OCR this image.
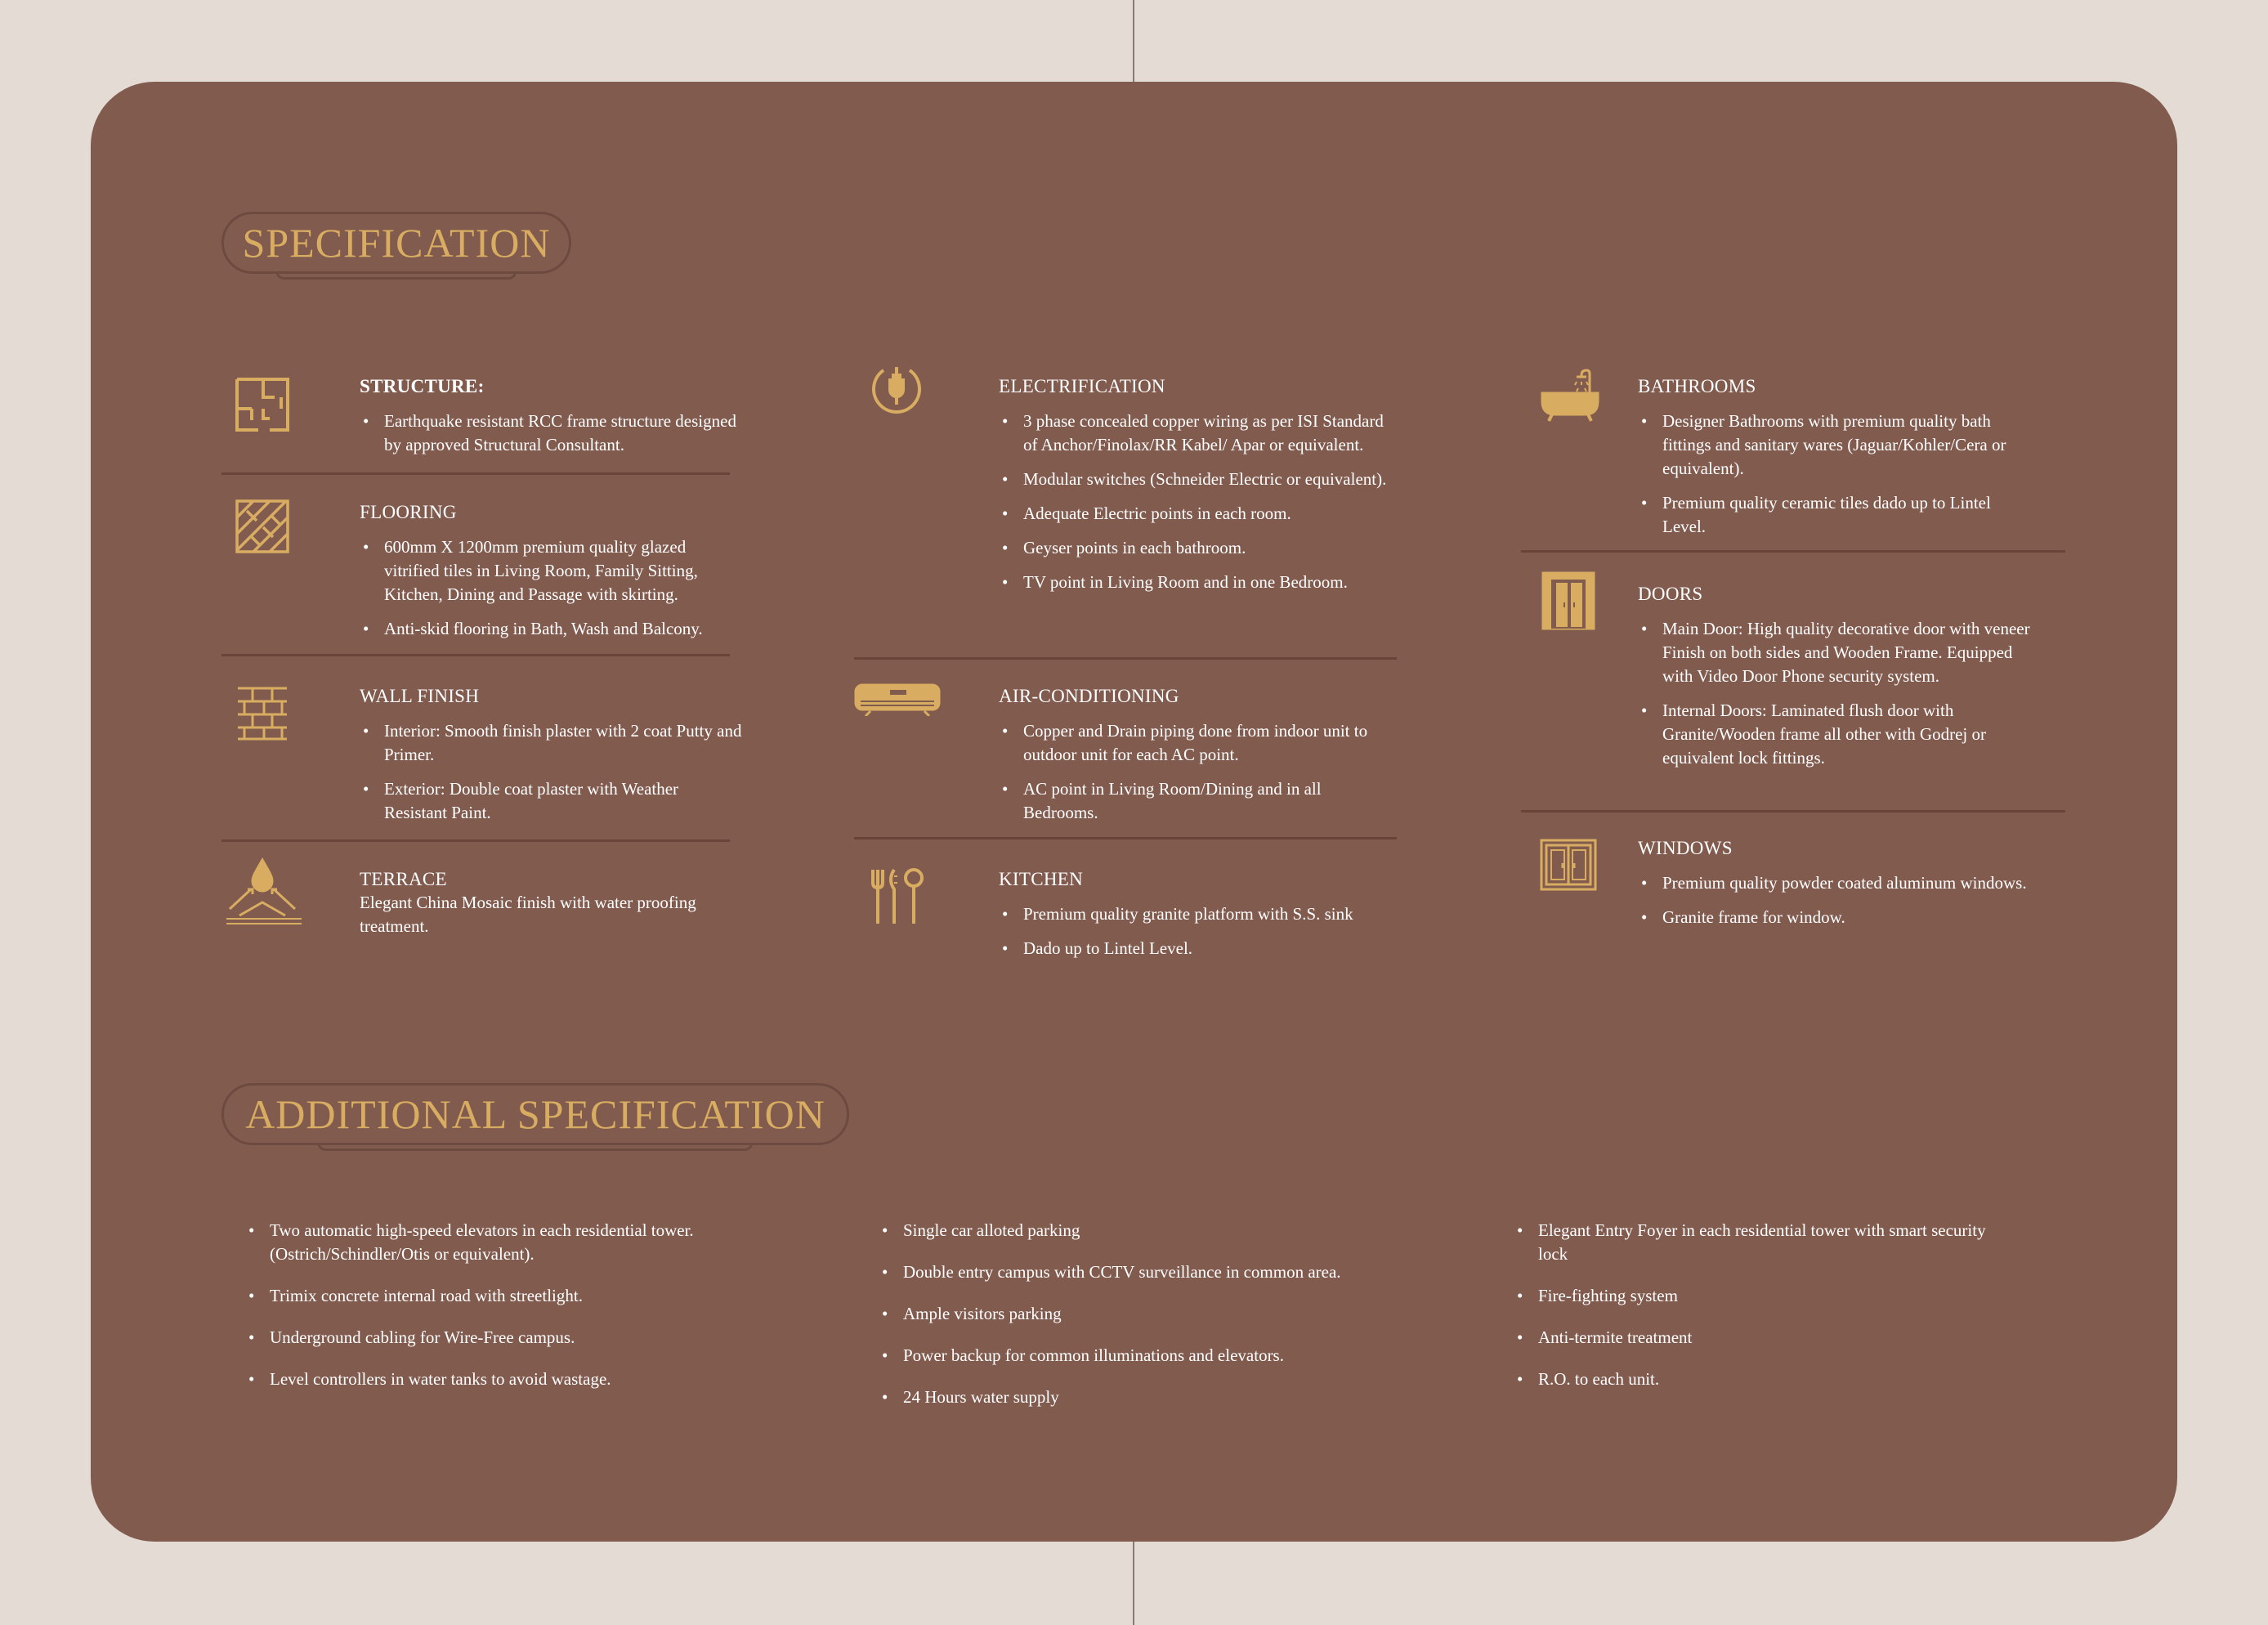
SPECIFICATION
STRUCTURE:
• Earthquake resistant RCC frame structure designed by approved Structural Consultant.
FLOORING
• 600mm X 1200mm premium quality glazed vitrified tiles in Living Room, Family Sitting, Kitchen, Dining and Passage with skirting.
• Anti-skid flooring in Bath, Wash and Balcony.
WALL FINISH
• Interior: Smooth finish plaster with 2 coat Putty and Primer.
• Exterior: Double coat plaster with Weather Resistant Paint.
TERRACE
Elegant China Mosaic finish with water proofing treatment.
ELECTRIFICATION
• 3 phase concealed copper wiring as per ISI Standard of Anchor/Finolax/RR Kabel/ Apar or equivalent.
• Modular switches (Schneider Electric or equivalent).
• Adequate Electric points in each room.
• Geyser points in each bathroom.
• TV point in Living Room and in one Bedroom.
AIR-CONDITIONING
• Copper and Drain piping done from indoor unit to outdoor unit for each AC point.
• AC point in Living Room/Dining and in all Bedrooms.
KITCHEN
• Premium quality granite platform with S.S. sink
• Dado up to Lintel Level.
BATHROOMS
• Designer Bathrooms with premium quality bath fittings and sanitary wares (Jaguar/Kohler/Cera or equivalent).
• Premium quality ceramic tiles dado up to Lintel Level.
DOORS
• Main Door: High quality decorative door with veneer Finish on both sides and Wooden Frame. Equipped with Video Door Phone security system.
• Internal Doors: Laminated flush door with Granite/Wooden frame all other with Godrej or equivalent lock fittings.
WINDOWS
• Premium quality powder coated aluminum windows.
• Granite frame for window.
ADDITIONAL SPECIFICATION
• Two automatic high-speed elevators in each residential tower. (Ostrich/Schindler/Otis or equivalent).
• Trimix concrete internal road with streetlight.
• Underground cabling for Wire-Free campus.
• Level controllers in water tanks to avoid wastage.
• Single car alloted parking
• Double entry campus with CCTV surveillance in common area.
• Ample visitors parking
• Power backup for common illuminations and elevators.
• 24 Hours water supply
• Elegant Entry Foyer in each residential tower with smart security lock
• Fire-fighting system
• Anti-termite treatment
• R.O. to each unit.
